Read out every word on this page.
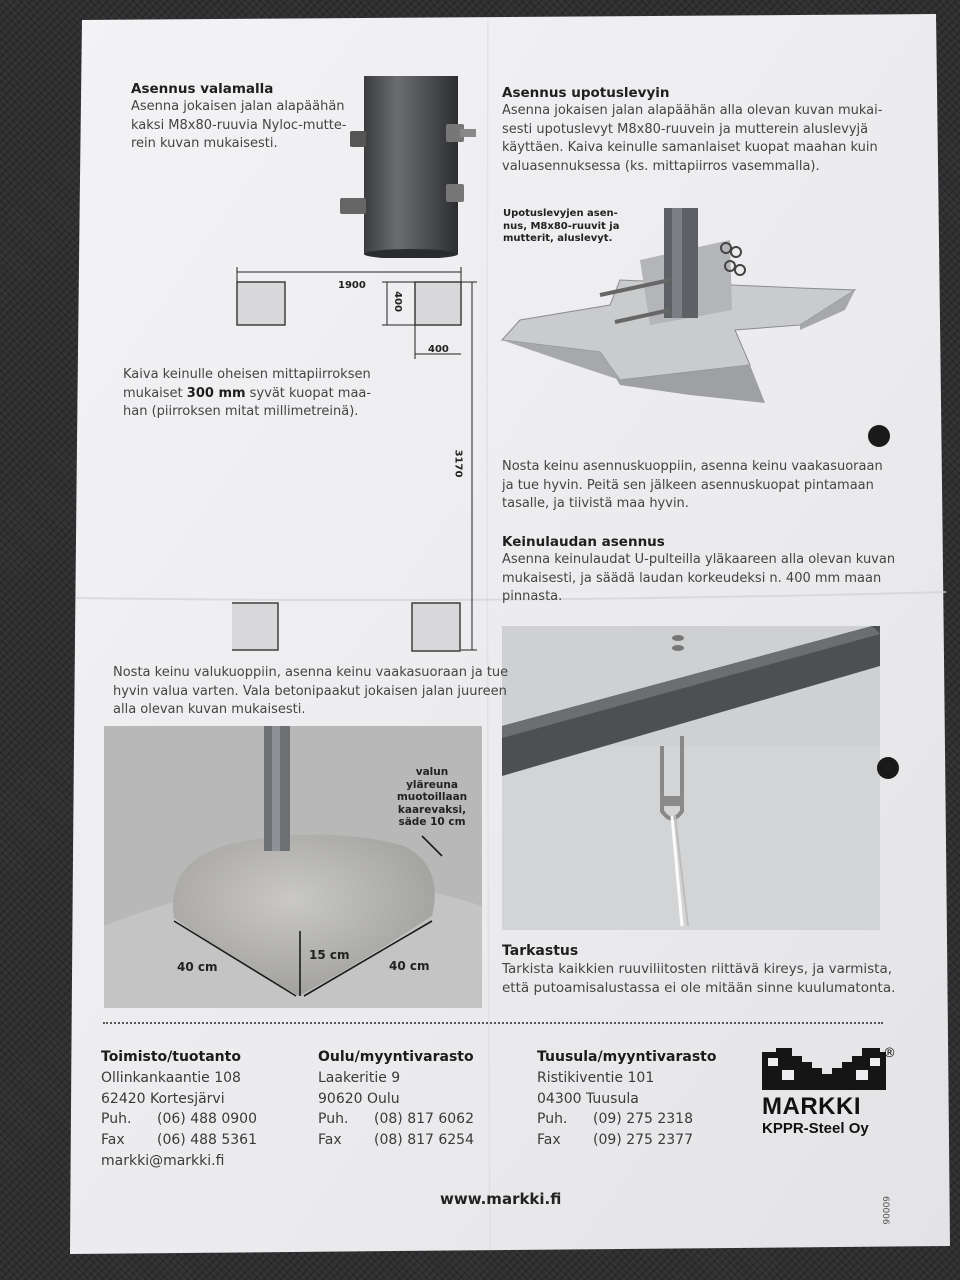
Asennus valamalla
Asenna jokaisen jalan alapäähän
kaksi M8x80-ruuvia Nyloc-mutte-
rein kuvan mukaisesti.
Asennus upotuslevyin
Asenna jokaisen jalan alapäähän alla olevan kuvan mukai-
sesti upotuslevyt M8x80-ruuvein ja mutterein aluslevyjä
käyttäen. Kaiva keinulle samanlaiset kuopat maahan kuin
valuasennuksessa (ks. mittapiirros vasemmalla).
Upotuslevyjen asen-
nus, M8x80-ruuvit ja
mutterit, aluslevyt.
1900
400
400
3170
Kaiva keinulle oheisen mittapiirroksen
mukaiset 300 mm syvät kuopat maa-
han (piirroksen mitat millimetreinä).
Nosta keinu asennuskuoppiin, asenna keinu vaakasuoraan
ja tue hyvin. Peitä sen jälkeen asennuskuopat pintamaan
tasalle, ja tiivistä maa hyvin.
Keinulaudan asennus
Asenna keinulaudat U-pulteilla yläkaareen alla olevan kuvan
mukaisesti, ja säädä laudan korkeudeksi n. 400 mm maan
pinnasta.
Nosta keinu valukuoppiin, asenna keinu vaakasuoraan ja tue
hyvin valua varten. Vala betonipaakut jokaisen jalan juureen
alla olevan kuvan mukaisesti.
valun yläreuna
muotoillaan
kaarevaksi,
säde 10 cm
40 cm	40 cm
15 cm	Tarkastus
Tarkista kaikkien ruuviliitosten riittävä kireys, ja varmista,
että putoamisalustassa ei ole mitään sinne kuulumatonta.
Toimisto/tuotanto
Ollinkankaantie 108
62420 Kortesjärvi
Puh.	(06) 488 0900
Fax	(06) 488 5361
markki@markki.fi
Oulu/myyntivarasto
Laakeritie 9
90620 Oulu
Puh.	(08) 817 6062
Fax	(08) 817 6254
Tuusula/myyntivarasto
Ristikiventie 101
04300 Tuusula
Puh.	(09) 275 2318
Fax	(09) 275 2377
®
MARKKI
KPPR-Steel Oy
www.markki.fi	60006
